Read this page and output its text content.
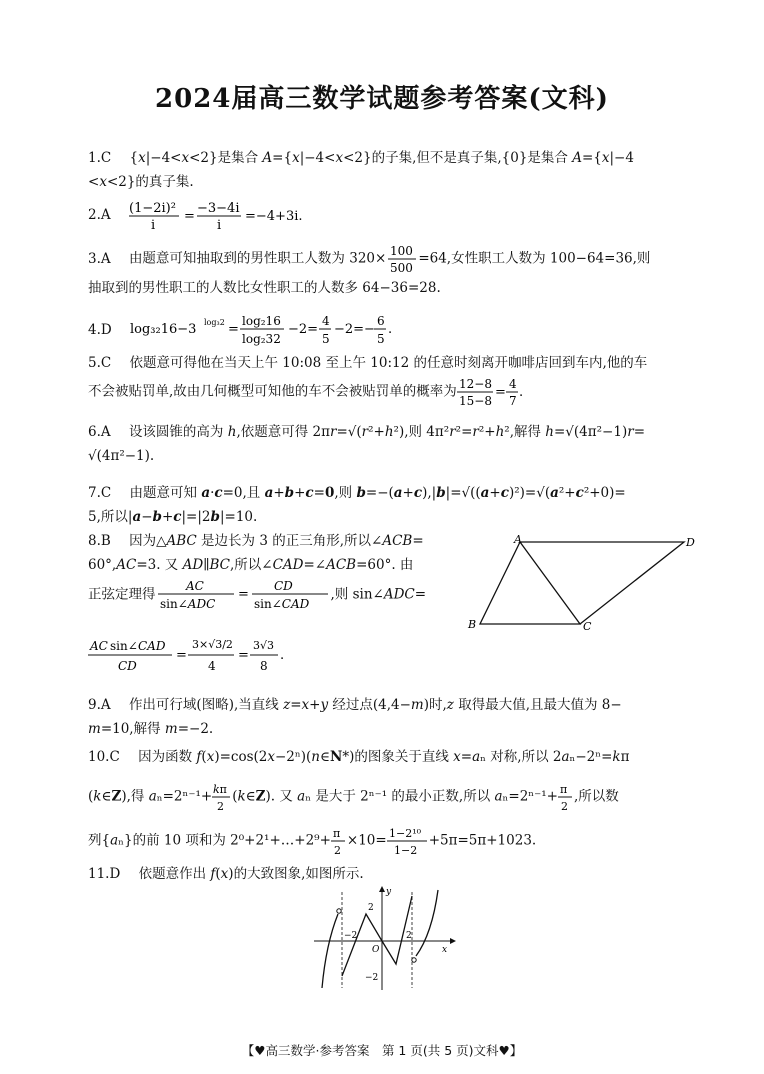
2024届高三数学试题参考答案(文科)
1.C {x|−4<x<2}是集合 A={x|−4<x<2}的子集,但不是真子集,{0}是集合 A={x|−4
<x<2}的真子集.
2.A (1−2i)²
i
=
−3−4i
i
=−4+3i.
3.A 由题意可知抽取到的男性职工人数为 320× 100
500
=64,女性职工人数为 100−64=36,则
抽取到的男性职工的人数比女性职工的人数多 64−36=28.
4.D log₃₂16−3 log₃2 =
log₂16
log₂32
−2=
4
5
−2=−
6
5
.
5.C 依题意可得他在当天上午 10:08 至上午 10:12 的任意时刻离开咖啡店回到车内,他的车
不会被贴罚单,故由几何概型可知他的车不会被贴罚单的概率为 12−8
15−8
=
4
7
.
6.A 设该圆锥的高为 h,依题意可得 2πr=√(r²+h²),则 4π²r²=r²+h²,解得 h=√(4π²−1)r=
√(4π²−1).
7.C 由题意可知 a·c=0,且 a+b+c=0,则 b=−(a+c),|b|=√((a+c)²)=√(a²+c²+0)=
5,所以|a−b+c|=|2b|=10.
8.B 因为△ABC 是边长为 3 的正三角形,所以∠ACB=
60°,AC=3. 又 AD∥BC,所以∠CAD=∠ACB=60°. 由
正弦定理得
AC
sin∠ADC
=
CD
sin∠CAD
,则 sin∠ADC=
AC sin∠ CAD
CD
=
3×√3/2
4
=
3√3
8
.
A
B	C
D
9.A 作出可行域(图略),当直线 z=x+y 经过点(4,4−m)时,z 取得最大值,且最大值为 8−
m=10,解得 m=−2.
10.C 因为函数 f(x)=cos(2x−2ⁿ)(n∈N*)的图象关于直线 x=aₙ 对称,所以 2aₙ−2ⁿ=kπ
(k∈Z),得 aₙ=2ⁿ⁻¹+ kπ
2
(k∈Z). 又 aₙ 是大于 2ⁿ⁻¹ 的最小正数,所以 aₙ=2ⁿ⁻¹+ π
2
,所以数
列{aₙ}的前 10 项和为 2⁰+2¹+…+2⁹+ π
2
×10= 1−2¹⁰
1−2
+5π=5π+1023.
11.D 依题意作出 f(x)的大致图象,如图所示.
y
x
O
2
−2
−2	2
【♥高三数学·参考答案　第 1 页(共 5 页)文科♥】
